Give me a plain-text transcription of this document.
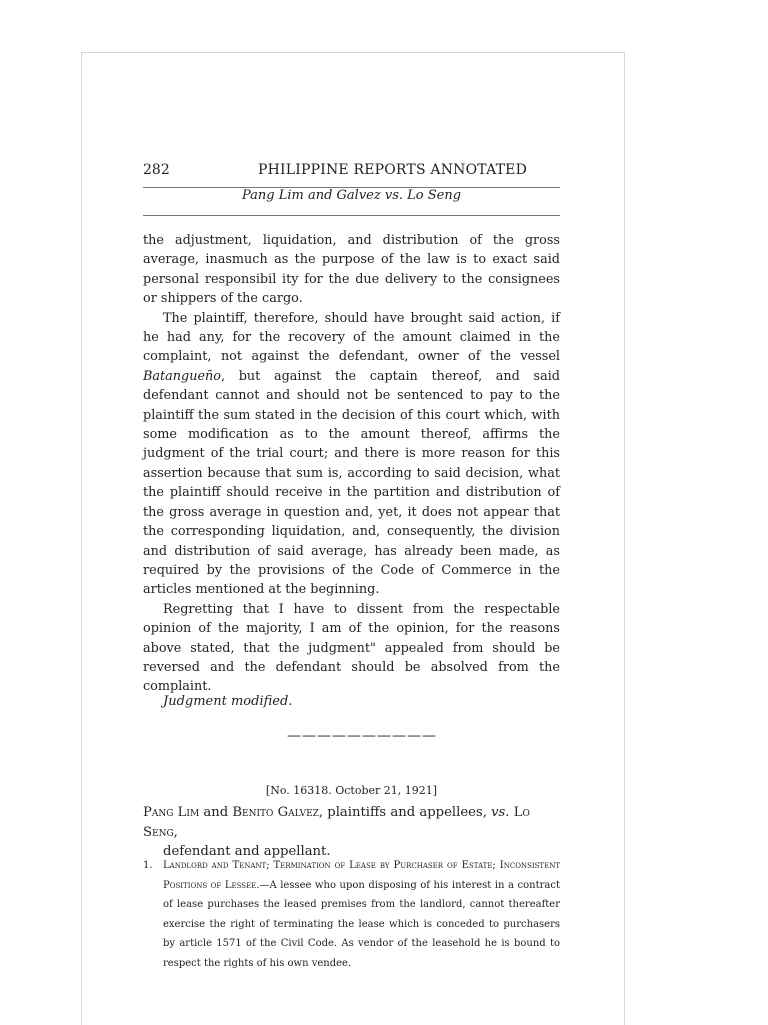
282	PHILIPPINE REPORTS ANNOTATED
Pang Lim and Galvez vs. Lo Seng

the adjustment, liquidation, and distribution of the gross average, inasmuch as the purpose of the law is to exact said personal responsibil ity for the due delivery to the consignees or shippers of the cargo.

The plaintiff, therefore, should have brought said action, if he had any, for the recovery of the amount claimed in the complaint, not against the defendant, owner of the vessel Batangueño, but against the captain thereof, and said defendant cannot and should not be sentenced to pay to the plaintiff the sum stated in the decision of this court which, with some modification as to the amount thereof, affirms the judgment of the trial court; and there is more reason for this assertion because that sum is, according to said decision, what the plaintiff should receive in the partition and distribution of the gross average in question and, yet, it does not appear that the corresponding liquidation, and, consequently, the division and distribution of said average, has already been made, as required by the provisions of the Code of Commerce in the articles mentioned at the beginning.

Regretting that I have to dissent from the respectable opinion of the majority, I am of the opinion, for the reasons above stated, that the judgment" appealed from should be reversed and the defendant should be absolved from the complaint.

Judgment modified.
——————————
[No. 16318. October 21, 1921]
Pang Lim and Benito Galvez, plaintiffs and appellees, vs. Lo Seng,
defendant and appellant.
1. Landlord and Tenant; Termination of Lease by Purchaser of Estate; Inconsistent Positions of Lessee.—A lessee who upon disposing of his interest in a contract of lease purchases the leased premises from the landlord, cannot thereafter exercise the right of terminating the lease which is conceded to purchasers by article 1571 of the Civil Code. As vendor of the leasehold he is bound to respect the rights of his own vendee.
